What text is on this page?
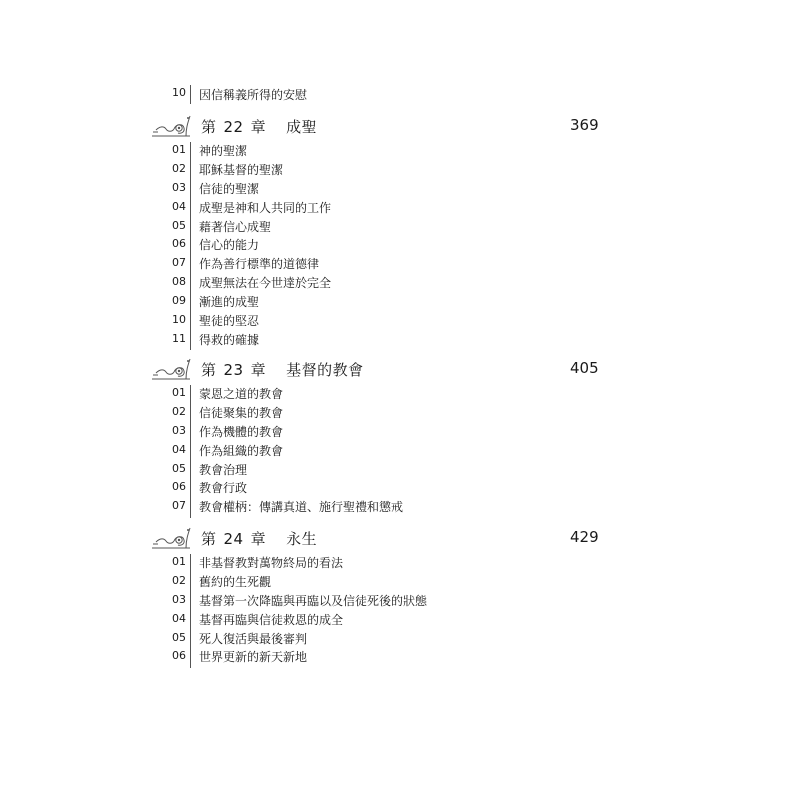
10 因信稱義所得的安慰
第 22 章 成聖	369
01 神的聖潔
02 耶穌基督的聖潔
03 信徒的聖潔
04 成聖是神和人共同的工作
05 藉著信心成聖
06 信心的能力
07 作為善行標準的道德律
08 成聖無法在今世達於完全
09 漸進的成聖
10 聖徒的堅忍
11 得救的確據
第 23 章 基督的教會	405
01 蒙恩之道的教會
02 信徒聚集的教會
03 作為機體的教會
04 作為組織的教會
05 教會治理
06 教會行政
07 教會權柄：傳講真道、施行聖禮和懲戒
第 24 章 永生	429
01 非基督教對萬物終局的看法
02 舊約的生死觀
03 基督第一次降臨與再臨以及信徒死後的狀態
04 基督再臨與信徒救恩的成全
05 死人復活與最後審判
06 世界更新的新天新地
